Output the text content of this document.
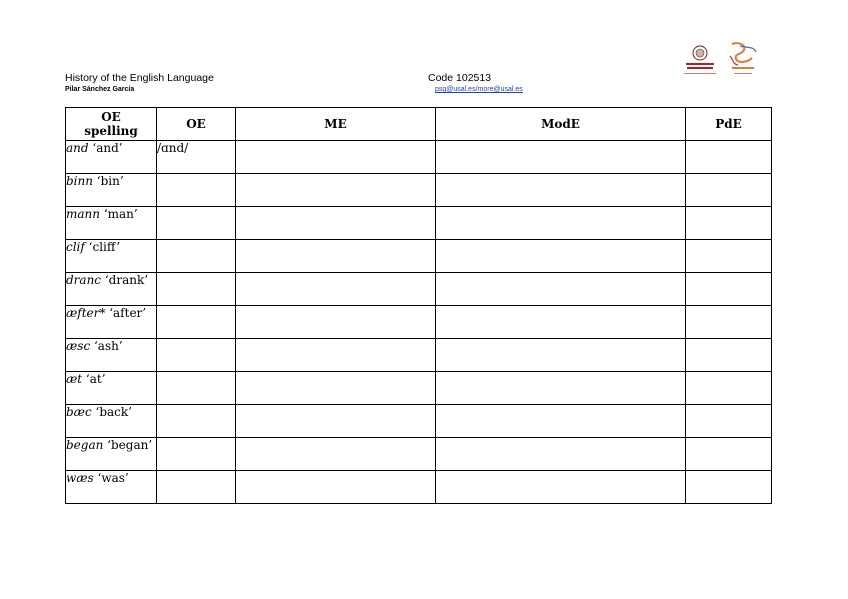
History of the English Language
Pilar Sánchez García
Code 102513
psg@usal.es/more@usal.es
OE spelling	OE	ME	ModE	PdE
and ‘and’	/ɑnd/			
binn ‘bin’				
mann ‘man’				
clif ‘cliff’				
dranc ‘drank’				
æfter* ‘after’				
æsc ‘ash’				
æt ‘at’				
bæc ‘back’				
began ‘began’				
wæs ‘was’				
